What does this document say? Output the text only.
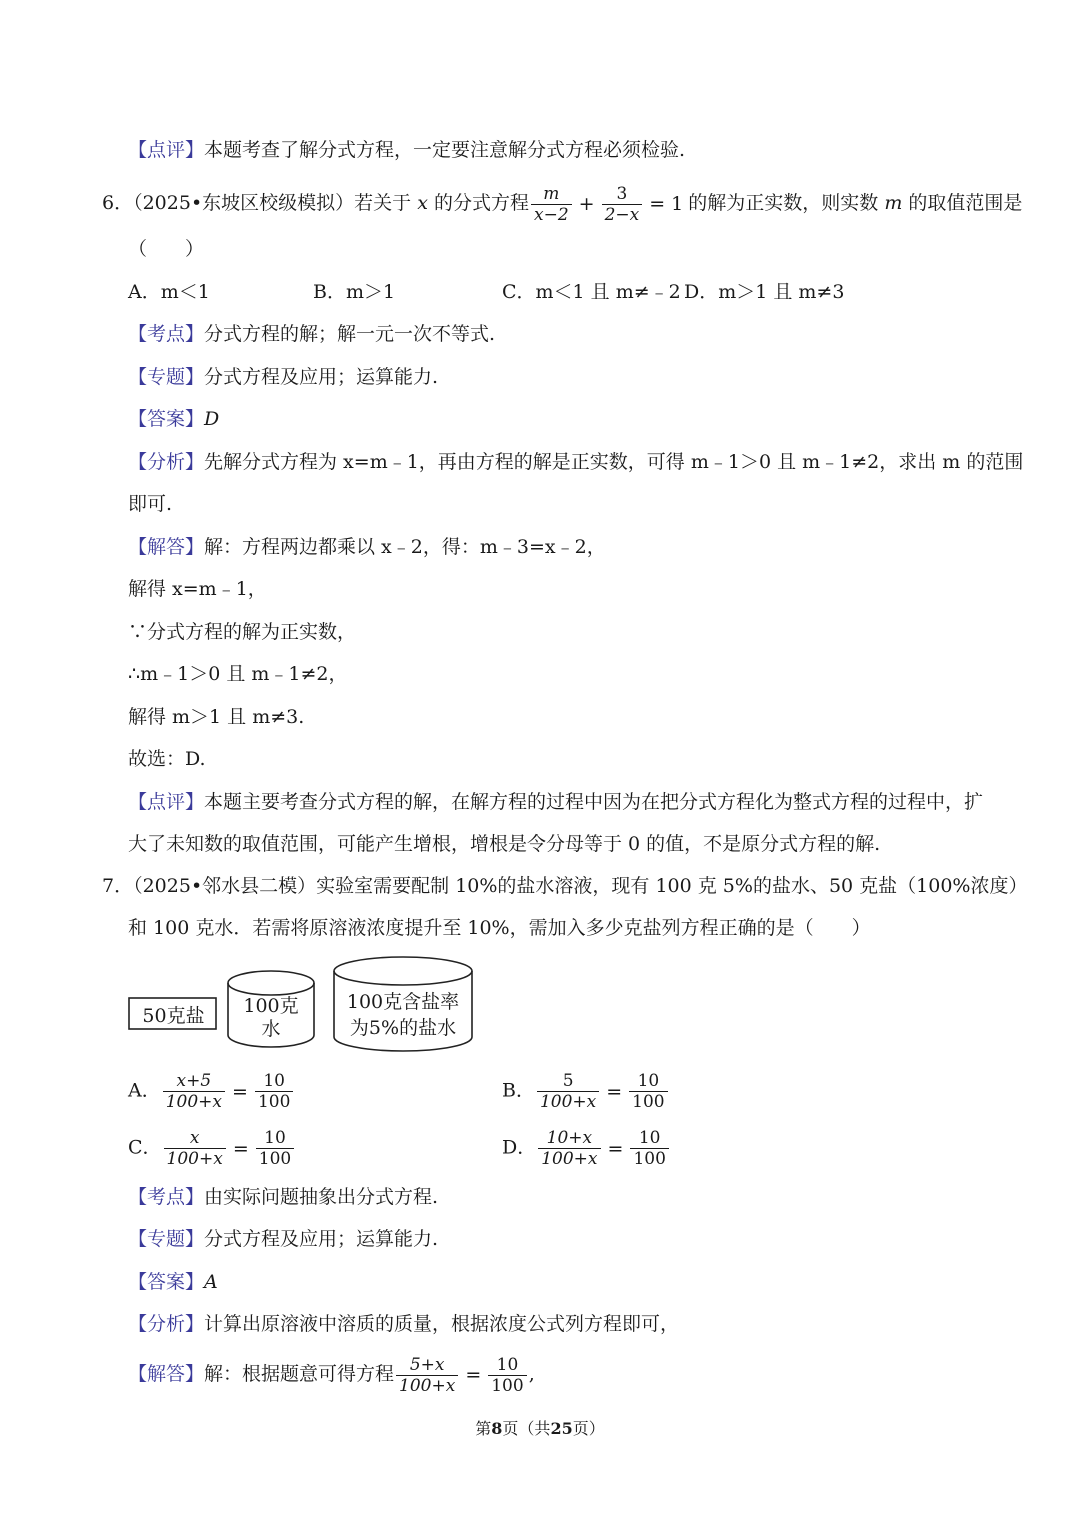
【点评】本题考查了解分式方程，一定要注意解分式方程必须检验.
6．（2025•东坡区校级模拟）若关于 x 的分式方程 $\frac{m}{x-2} + \frac{3}{2-x} = 1$ 的解为正实数，则实数 m 的取值范围是
（　　）
A．m＜1	B．m＞1	C．m＜1 且 m≠﹣2 D．m＞1 且 m≠3
【考点】分式方程的解；解一元一次不等式.
【专题】分式方程及应用；运算能力.
【答案】D
【分析】先解分式方程为 x=m﹣1，再由方程的解是正实数，可得 m﹣1＞0 且 m﹣1≠2，求出 m 的范围
即可.
【解答】解：方程两边都乘以 x﹣2，得：m﹣3=x﹣2，
解得 x=m﹣1，
∵分式方程的解为正实数，
∴m﹣1＞0 且 m﹣1≠2，
解得 m＞1 且 m≠3.
故选：D.
【点评】本题主要考查分式方程的解，在解方程的过程中因为在把分式方程化为整式方程的过程中，扩
大了未知数的取值范围，可能产生增根，增根是令分母等于 0 的值，不是原分式方程的解.
7．（2025•邻水县二模）实验室需要配制 10%的盐水溶液，现有 100 克 5%的盐水、50 克盐（100%浓度）
和 100 克水．若需将原溶液浓度提升至 10%，需加入多少克盐列方程正确的是（　　）
50克盐	100克
水
100克含盐率
为5%的盐水
A． $\frac{x+5}{100+x} = \frac{10}{100}$	B． $\frac{5}{100+x} = \frac{10}{100}$
C． $\frac{x}{100+x} = \frac{10}{100}$	D． $\frac{10+x}{100+x} = \frac{10}{100}$
【考点】由实际问题抽象出分式方程.
【专题】分式方程及应用；运算能力.
【答案】A
【分析】计算出原溶液中溶质的质量，根据浓度公式列方程即可，
【解答】解：根据题意可得方程 $\frac{5+x}{100+x} = \frac{10}{100}$ ,
第8页（共25页）
